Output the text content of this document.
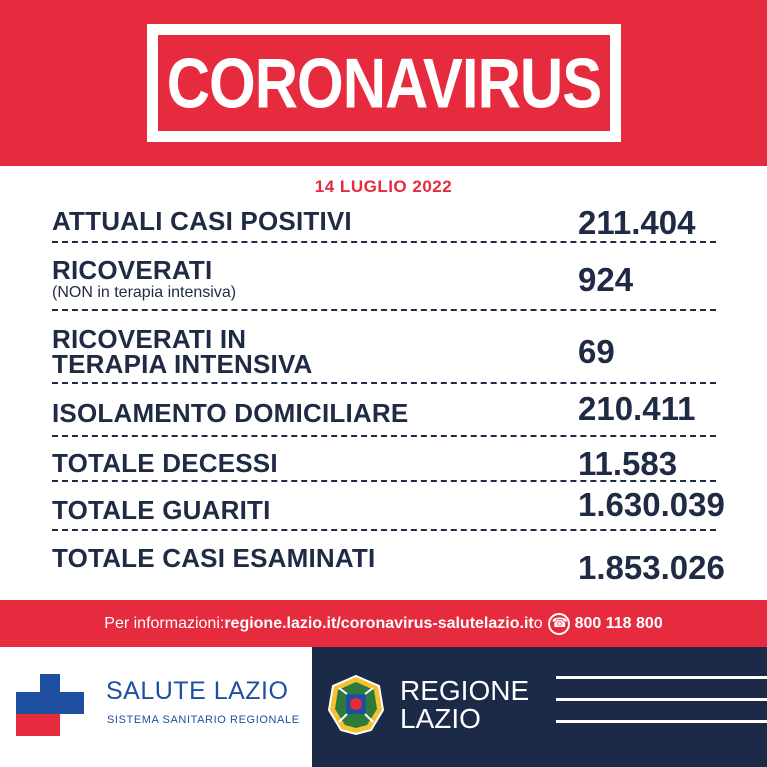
CORONAVIRUS
14 LUGLIO 2022
ATTUALI CASI POSITIVI	211.404
RICOVERATI
(NON in terapia intensiva)	924
RICOVERATI IN
TERAPIA INTENSIVA	69
ISOLAMENTO DOMICILIARE	210.411
TOTALE DECESSI	11.583
TOTALE GUARITI	1.630.039
TOTALE CASI ESAMINATI	1.853.026
Per informazioni: regione.lazio.it/coronavirus - salutelazio.it o
☎ 800 118 800
SALUTE LAZIO
SISTEMA SANITARIO REGIONALE
REGIONE
LAZIO
